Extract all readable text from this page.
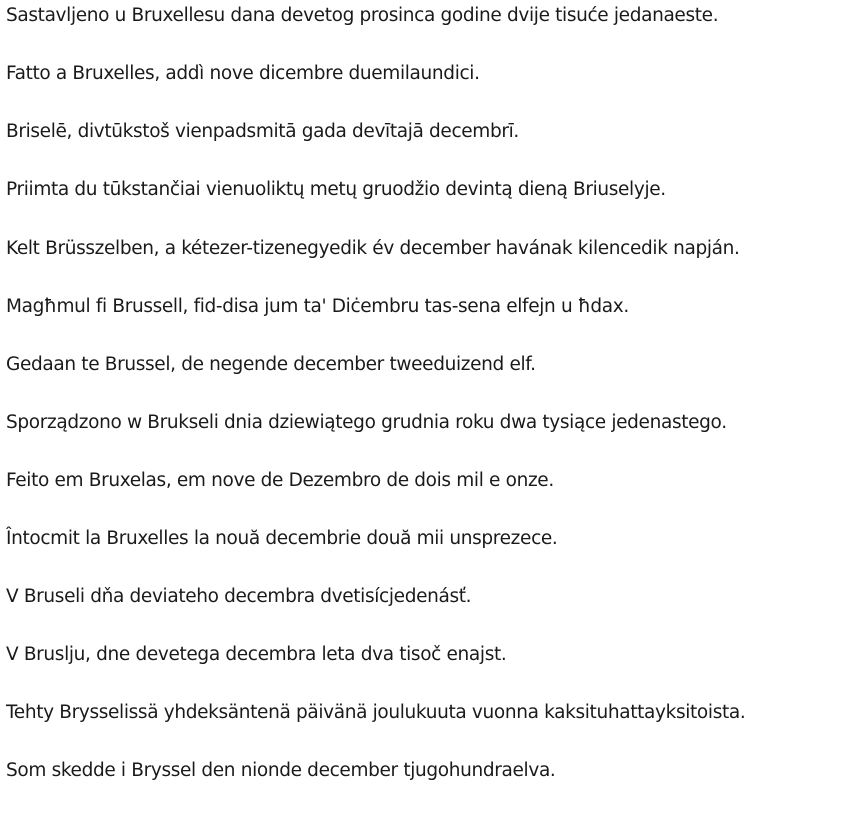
Sastavljeno u Bruxellesu dana devetog prosinca godine dvije tisuće jedanaeste.
Fatto a Bruxelles, addì nove dicembre duemilaundici.
Briselē, divtūkstoš vienpadsmitā gada devītajā decembrī.
Priimta du tūkstančiai vienuoliktų metų gruodžio devintą dieną Briuselyje.
Kelt Brüsszelben, a kétezer-tizenegyedik év december havának kilencedik napján.
Magħmul fi Brussell, fid-disa jum ta' Diċembru tas-sena elfejn u ħdax.
Gedaan te Brussel, de negende december tweeduizend elf.
Sporządzono w Brukseli dnia dziewiątego grudnia roku dwa tysiące jedenastego.
Feito em Bruxelas, em nove de Dezembro de dois mil e onze.
Întocmit la Bruxelles la nouă decembrie două mii unsprezece.
V Bruseli dňa deviateho decembra dvetisícjedenásť.
V Bruslju, dne devetega decembra leta dva tisoč enajst.
Tehty Brysselissä yhdeksäntenä päivänä joulukuuta vuonna kaksituhattayksitoista.
Som skedde i Bryssel den nionde december tjugohundraelva.
